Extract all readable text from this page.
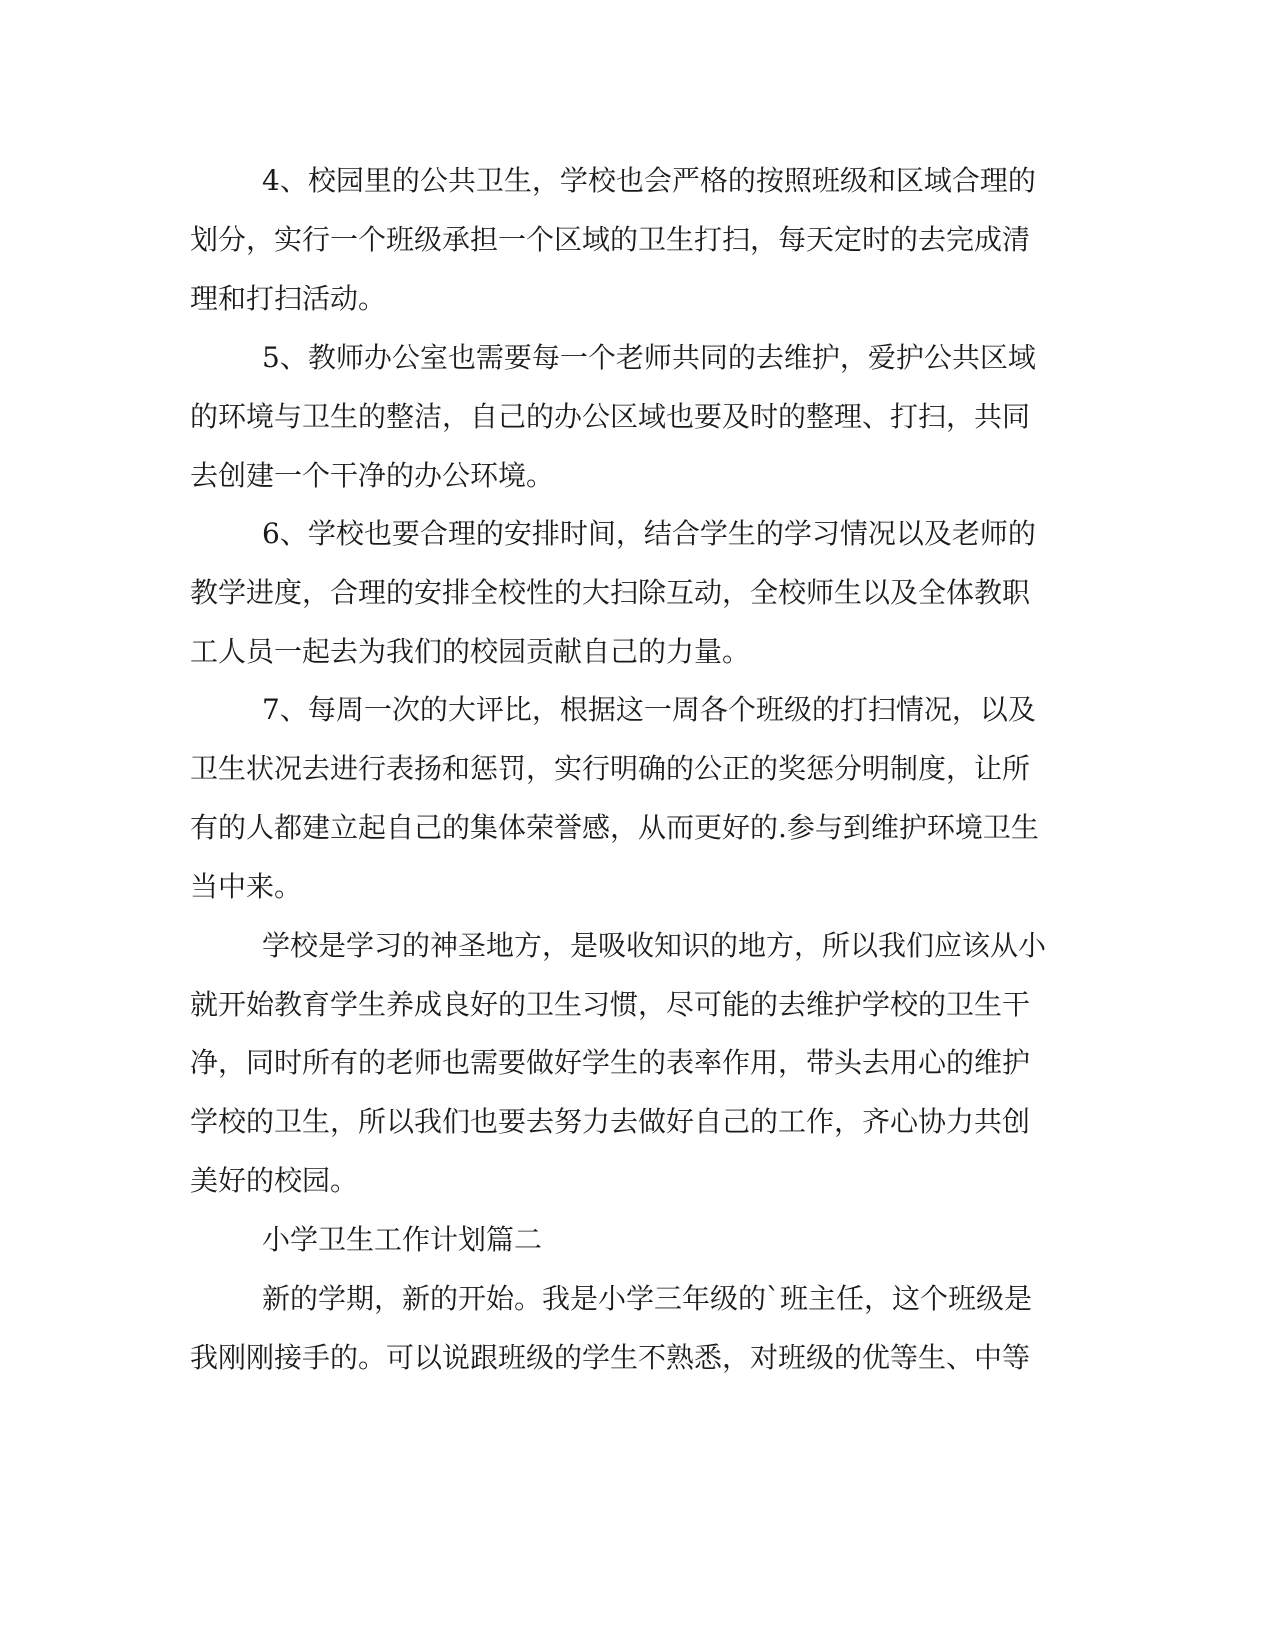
4、校园里的公共卫生，学校也会严格的按照班级和区域合理的

划分，实行一个班级承担一个区域的卫生打扫，每天定时的去完成清

理和打扫活动。

5、教师办公室也需要每一个老师共同的去维护，爱护公共区域

的环境与卫生的整洁，自己的办公区域也要及时的整理、打扫，共同

去创建一个干净的办公环境。

6、学校也要合理的安排时间，结合学生的学习情况以及老师的

教学进度，合理的安排全校性的大扫除互动，全校师生以及全体教职

工人员一起去为我们的校园贡献自己的力量。

7、每周一次的大评比，根据这一周各个班级的打扫情况，以及

卫生状况去进行表扬和惩罚，实行明确的公正的奖惩分明制度，让所

有的人都建立起自己的集体荣誉感，从而更好的.参与到维护环境卫生

当中来。

学校是学习的神圣地方，是吸收知识的地方，所以我们应该从小

就开始教育学生养成良好的卫生习惯，尽可能的去维护学校的卫生干

净，同时所有的老师也需要做好学生的表率作用，带头去用心的维护

学校的卫生，所以我们也要去努力去做好自己的工作，齐心协力共创

美好的校园。

小学卫生工作计划篇二

新的学期，新的开始。我是小学三年级的`班主任，这个班级是

我刚刚接手的。可以说跟班级的学生不熟悉，对班级的优等生、中等
